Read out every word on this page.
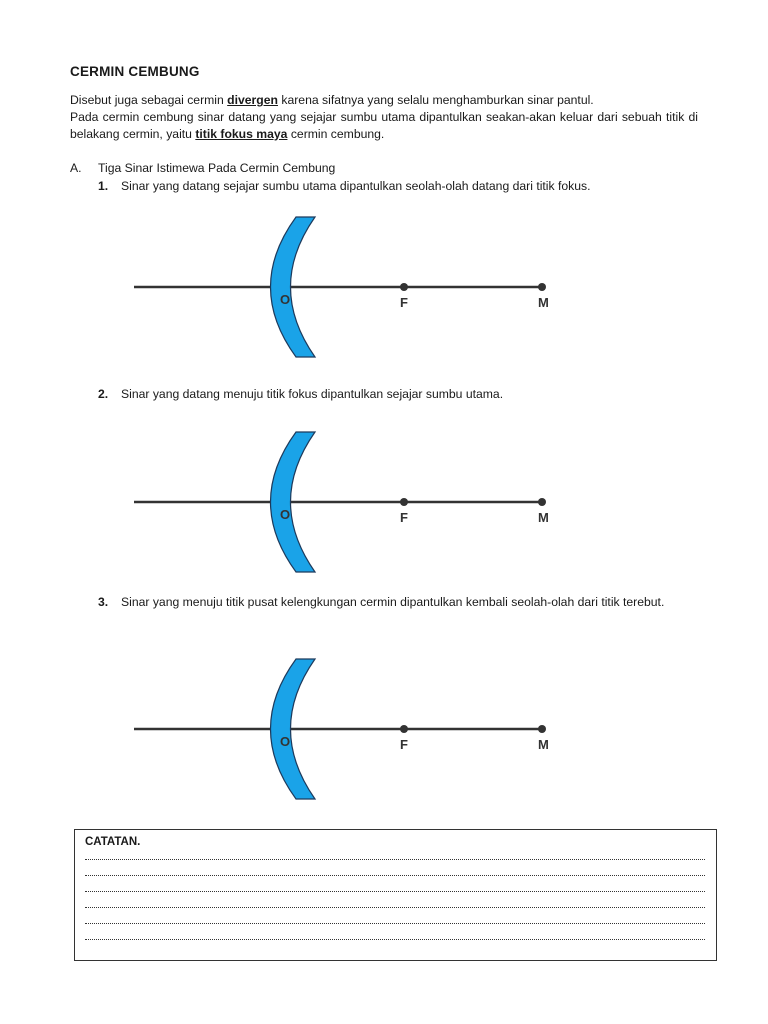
CERMIN CEMBUNG
Disebut juga sebagai cermin divergen karena sifatnya yang selalu menghamburkan sinar pantul.
Pada cermin cembung sinar datang yang sejajar sumbu utama dipantulkan seakan-akan keluar dari sebuah titik di belakang cermin, yaitu titik fokus maya cermin cembung.
A. Tiga Sinar Istimewa Pada Cermin Cembung
1.	Sinar yang datang sejajar sumbu utama dipantulkan seolah-olah datang dari titik fokus.
O	F	M
2.	Sinar yang datang menuju titik fokus dipantulkan sejajar sumbu utama.
O	F	M
3.	Sinar yang menuju titik pusat kelengkungan cermin dipantulkan kembali seolah-olah dari titik terebut.
O	F	M
CATATAN.
